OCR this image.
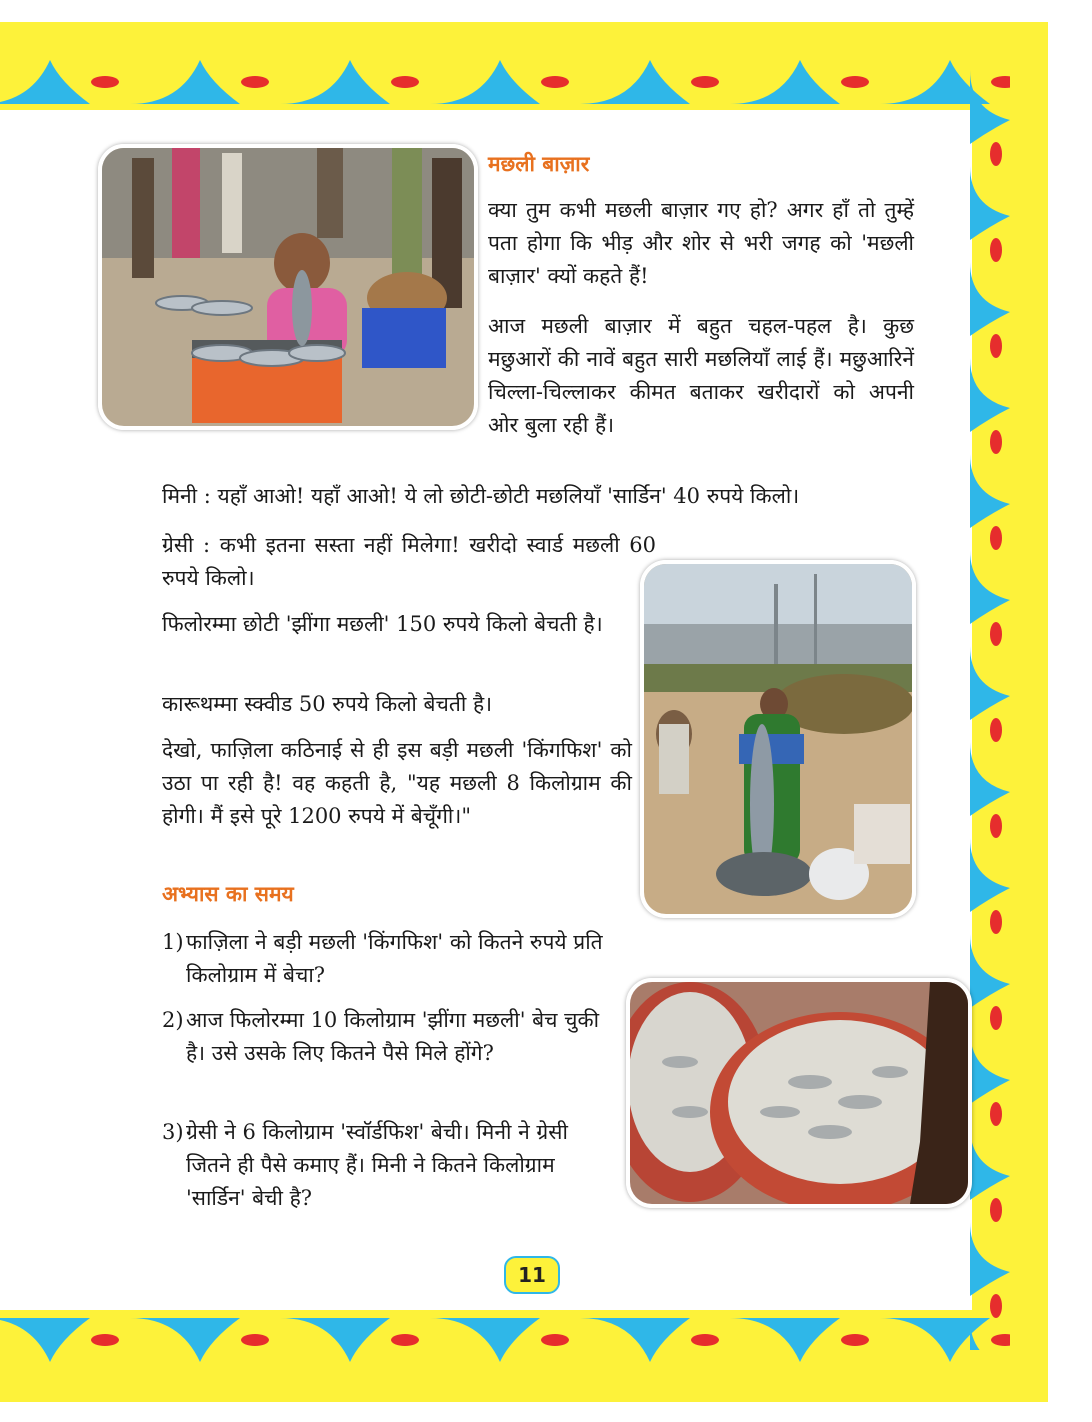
मछली बाज़ार

क्या तुम कभी मछली बाज़ार गए हो? अगर हाँ तो तुम्हें पता होगा कि भीड़ और शोर से भरी जगह को 'मछली बाज़ार' क्यों कहते हैं!

आज मछली बाज़ार में बहुत चहल-पहल है। कुछ मछुआरों की नावें बहुत सारी मछलियाँ लाई हैं। मछुआरिनें चिल्ला-चिल्लाकर कीमत बताकर खरीदारों को अपनी ओर बुला रही हैं।

मिनी : यहाँ आओ! यहाँ आओ! ये लो छोटी-छोटी मछलियाँ 'सार्डिन' 40 रुपये किलो।

ग्रेसी : कभी इतना सस्ता नहीं मिलेगा! खरीदो स्वार्ड मछली 60 रुपये किलो।

फिलोरम्मा छोटी 'झींगा मछली' 150 रुपये किलो बेचती है।

कारूथम्मा स्क्वीड 50 रुपये किलो बेचती है।

देखो, फाज़िला कठिनाई से ही इस बड़ी मछली 'किंगफिश' को उठा पा रही है! वह कहती है, "यह मछली 8 किलोग्राम की होगी। मैं इसे पूरे 1200 रुपये में बेचूँगी।"

अभ्यास का समय
1) फाज़िला ने बड़ी मछली 'किंगफिश' को कितने रुपये प्रति किलोग्राम में बेचा?
2) आज फिलोरम्मा 10 किलोग्राम 'झींगा मछली' बेच चुकी है। उसे उसके लिए कितने पैसे मिले होंगे?
3) ग्रेसी ने 6 किलोग्राम 'स्वॉर्डफिश' बेची। मिनी ने ग्रेसी जितने ही पैसे कमाए हैं। मिनी ने कितने किलोग्राम 'सार्डिन' बेची है?
11
